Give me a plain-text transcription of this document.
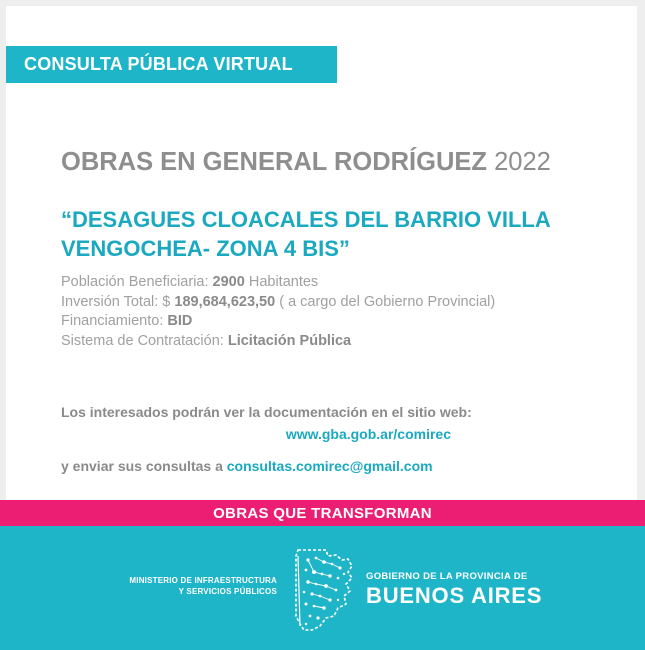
CONSULTA PÚBLICA VIRTUAL
OBRAS EN GENERAL RODRÍGUEZ 2022
“DESAGUES CLOACALES DEL BARRIO VILLA
VENGOCHEA- ZONA 4 BIS”
Población Beneficiaria: 2900 Habitantes
Inversión Total: $ 189,684,623,50 ( a cargo del Gobierno Provincial)
Financiamiento: BID
Sistema de Contratación: Licitación Pública
Los interesados podrán ver la documentación en el sitio web:
www.gba.gob.ar/comirec
y enviar sus consultas a consultas.comirec@gmail.com
OBRAS QUE TRANSFORMAN
MINISTERIO DE INFRAESTRUCTURA
Y SERVICIOS PÚBLICOS
GOBIERNO DE LA PROVINCIA DE
BUENOS AIRES
